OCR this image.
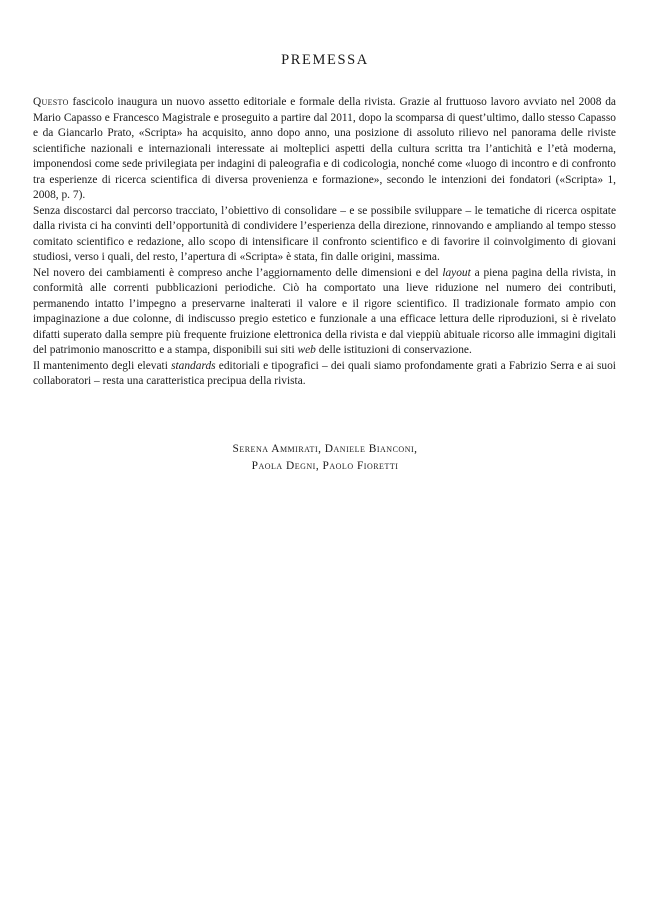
PREMESSA

Questo fascicolo inaugura un nuovo assetto editoriale e formale della rivista. Grazie al fruttuoso lavoro avviato nel 2008 da Mario Capasso e Francesco Magistrale e proseguito a partire dal 2011, dopo la scomparsa di quest’ultimo, dallo stesso Capasso e da Giancarlo Prato, «Scripta» ha acquisito, anno dopo anno, una posizione di assoluto rilievo nel panorama delle riviste scientifiche nazionali e internazionali interessate ai molteplici aspetti della cultura scritta tra l’antichità e l’età moderna, imponendosi come sede privilegiata per indagini di paleografia e di codicologia, nonché come «luogo di incontro e di confronto tra esperienze di ricerca scientifica di diversa provenienza e formazione», secondo le intenzioni dei fondatori («Scripta» 1, 2008, p. 7).

Senza discostarci dal percorso tracciato, l’obiettivo di consolidare – e se possibile sviluppare – le tematiche di ricerca ospitate dalla rivista ci ha convinti dell’opportunità di condividere l’esperienza della direzione, rinnovando e ampliando al tempo stesso comitato scientifico e redazione, allo scopo di intensificare il confronto scientifico e di favorire il coinvolgimento di giovani studiosi, verso i quali, del resto, l’apertura di «Scripta» è stata, fin dalle origini, massima.

Nel novero dei cambiamenti è compreso anche l’aggiornamento delle dimensioni e del layout a piena pagina della rivista, in conformità alle correnti pubblicazioni periodiche. Ciò ha comportato una lieve riduzione nel numero dei contributi, permanendo intatto l’impegno a preservarne inalterati il valore e il rigore scientifico. Il tradizionale formato ampio con impaginazione a due colonne, di indiscusso pregio estetico e funzionale a una efficace lettura delle riproduzioni, si è rivelato difatti superato dalla sempre più frequente fruizione elettronica della rivista e dal vieppiù abituale ricorso alle immagini digitali del patrimonio manoscritto e a stampa, disponibili sui siti web delle istituzioni di conservazione.

Il mantenimento degli elevati standards editoriali e tipografici – dei quali siamo profondamente grati a Fabrizio Serra e ai suoi collaboratori – resta una caratteristica precipua della rivista.

Serena Ammirati, Daniele Bianconi,
Paola Degni, Paolo Fioretti
